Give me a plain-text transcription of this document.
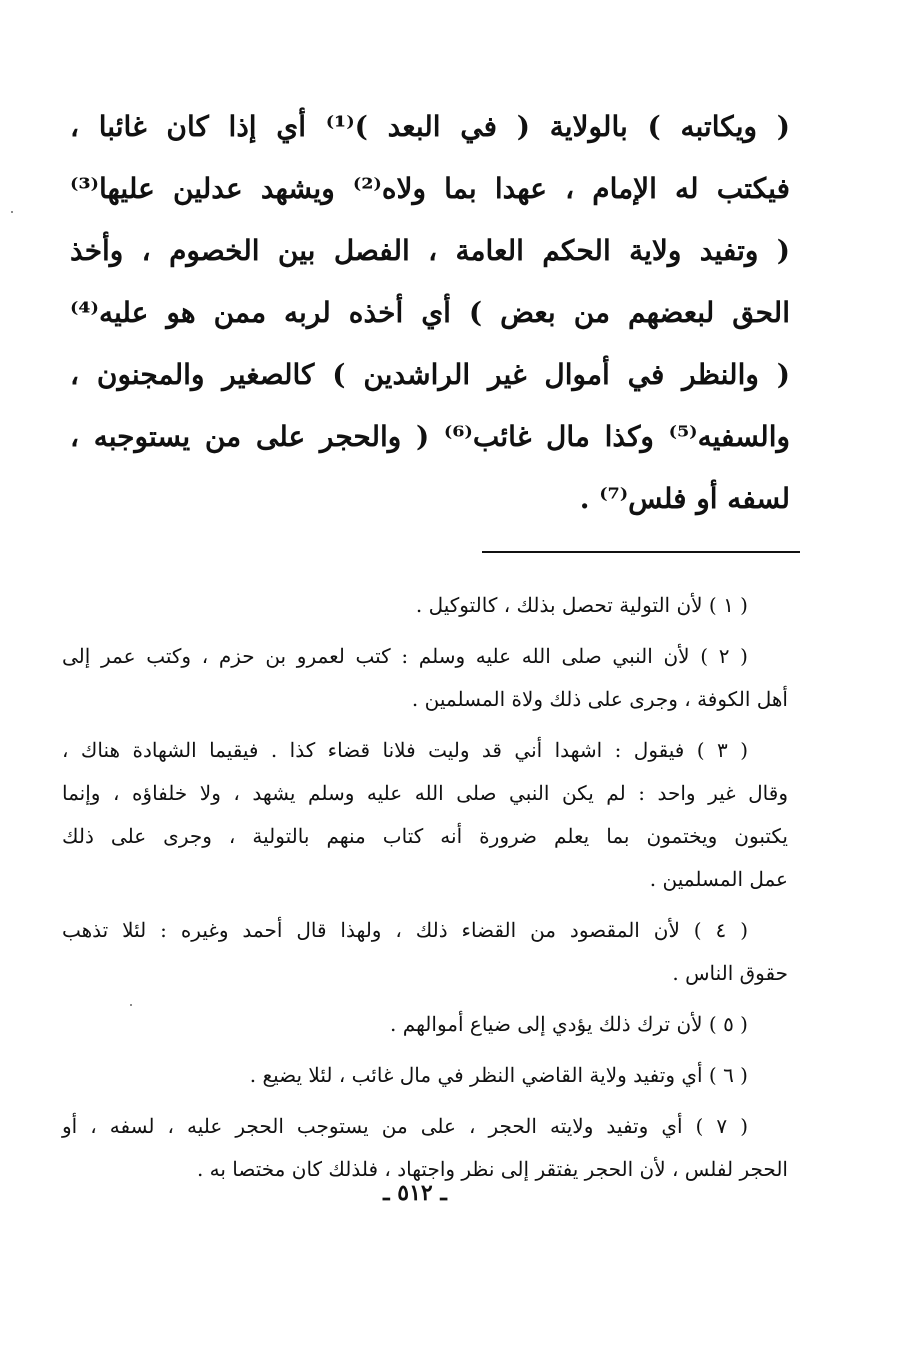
( ويكاتبه ) بالولاية ( في البعد )⁽¹⁾ أي إذا كان غائبا ،
فيكتب له الإمام ، عهدا بما ولاه⁽²⁾ ويشهد عدلين عليها⁽³⁾
( وتفيد ولاية الحكم العامة ، الفصل بين الخصوم ، وأخذ
الحق لبعضهم من بعض ) أي أخذه لربه ممن هو عليه⁽⁴⁾
( والنظر في أموال غير الراشدين ) كالصغير والمجنون ،
والسفيه⁽⁵⁾ وكذا مال غائب⁽⁶⁾ ( والحجر على من يستوجبه ،
لسفه أو فلس⁽⁷⁾ .
( ١ ) لأن التولية تحصل بذلك ، كالتوكيل .
( ٢ ) لأن النبي صلى الله عليه وسلم : كتب لعمرو بن حزم ، وكتب عمر إلى
أهل الكوفة ، وجرى على ذلك ولاة المسلمين .
( ٣ ) فيقول : اشهدا أني قد وليت فلانا قضاء كذا . فيقيما الشهادة هناك ،
وقال غير واحد : لم يكن النبي صلى الله عليه وسلم يشهد ، ولا خلفاؤه ، وإنما
يكتبون ويختمون بما يعلم ضرورة أنه كتاب منهم بالتولية ، وجرى على ذلك
عمل المسلمين .
( ٤ ) لأن المقصود من القضاء ذلك ، ولهذا قال أحمد وغيره : لئلا تذهب
حقوق الناس .
( ٥ ) لأن ترك ذلك يؤدي إلى ضياع أموالهم .
( ٦ ) أي وتفيد ولاية القاضي النظر في مال غائب ، لئلا يضيع .
( ٧ ) أي وتفيد ولايته الحجر ، على من يستوجب الحجر عليه ، لسفه ، أو
الحجر لفلس ، لأن الحجر يفتقر إلى نظر واجتهاد ، فلذلك كان مختصا به .
ـ ٥١٢ ـ
